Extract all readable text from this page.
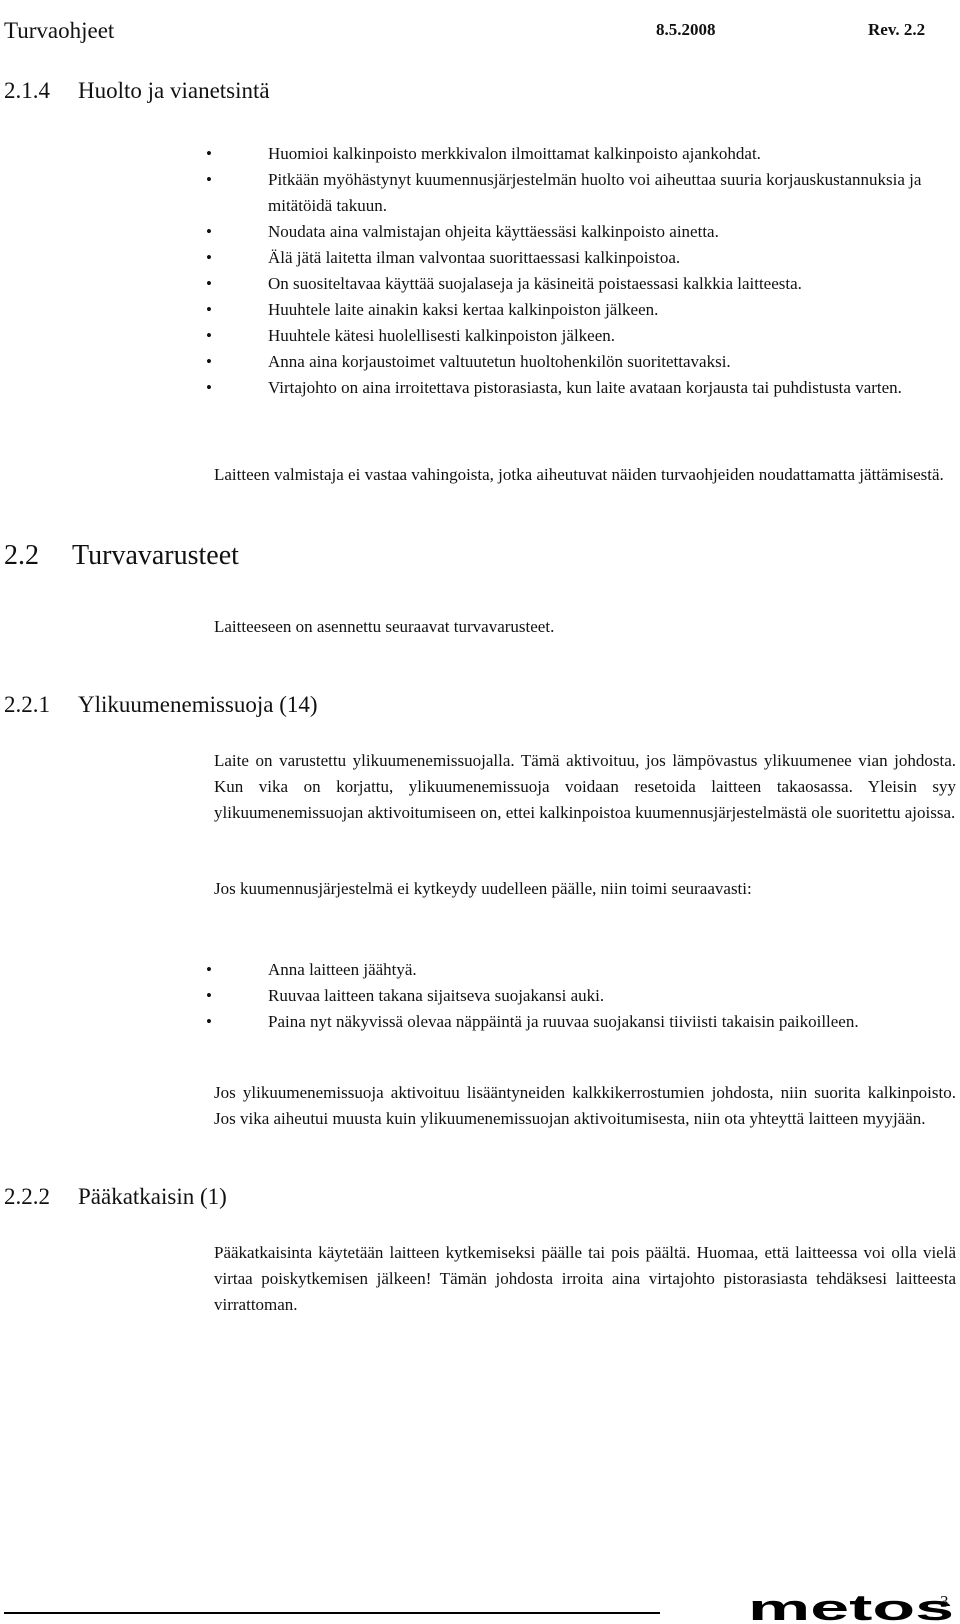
Turvaohjeet	8.5.2008	Rev. 2.2
2.1.4 Huolto ja vianetsintä
•	Huomioi kalkinpoisto merkkivalon ilmoittamat kalkinpoisto ajankohdat.
•	Pitkään myöhästynyt kuumennusjärjestelmän huolto voi aiheuttaa suuria korjauskustannuksia ja mitätöidä takuun.
•	Noudata aina valmistajan ohjeita käyttäessäsi kalkinpoisto ainetta.
•	Älä jätä laitetta ilman valvontaa suorittaessasi kalkinpoistoa.
•	On suositeltavaa käyttää suojalaseja ja käsineitä poistaessasi kalkkia laitteesta.
•	Huuhtele laite ainakin kaksi kertaa kalkinpoiston jälkeen.
•	Huuhtele kätesi huolellisesti kalkinpoiston jälkeen.
•	Anna aina korjaustoimet valtuutetun huoltohenkilön suoritettavaksi.
•	Virtajohto on aina irroitettava pistorasiasta, kun laite avataan korjausta tai puhdistusta varten.
Laitteen valmistaja ei vastaa vahingoista, jotka aiheutuvat näiden turvaohjeiden noudattamatta jättämisestä.
2.2 Turvavarusteet
Laitteeseen on asennettu seuraavat turvavarusteet.
2.2.1 Ylikuumenemissuoja (14)
Laite on varustettu ylikuumenemissuojalla. Tämä aktivoituu, jos lämpövastus ylikuumenee vian johdosta. Kun vika on korjattu, ylikuumenemissuoja voidaan resetoida laitteen takaosassa. Yleisin syy ylikuumenemissuojan aktivoitumiseen on, ettei kalkinpoistoa kuumennusjärjestelmästä ole suoritettu ajoissa.
Jos kuumennusjärjestelmä ei kytkeydy uudelleen päälle, niin toimi seuraavasti:
•	Anna laitteen jäähtyä.
•	Ruuvaa laitteen takana sijaitseva suojakansi auki.
•	Paina nyt näkyvissä olevaa näppäintä ja ruuvaa suojakansi tiiviisti takaisin paikoilleen.
Jos ylikuumenemissuoja aktivoituu lisääntyneiden kalkkikerrostumien johdosta, niin suorita kalkinpoisto. Jos vika aiheutui muusta kuin ylikuumenemissuojan aktivoitumisesta, niin ota yhteyttä laitteen myyjään.
2.2.2 Pääkatkaisin (1)
Pääkatkaisinta käytetään laitteen kytkemiseksi päälle tai pois päältä. Huomaa, että laitteessa voi olla vielä virtaa poiskytkemisen jälkeen! Tämän johdosta irroita aina virtajohto pistorasiasta tehdäksesi laitteesta virrattoman.
metos
3
